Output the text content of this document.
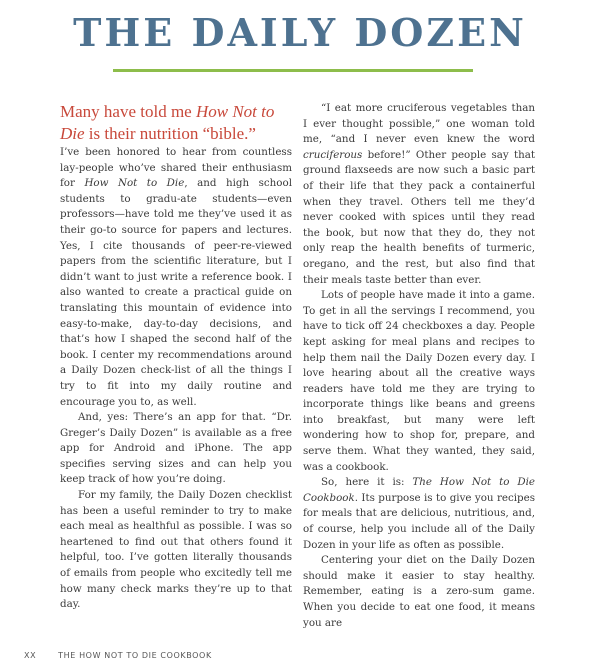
THE DAILY DOZEN

Many have told me How Not to Die is their nutrition “bible.”

I’ve been honored to hear from countless lay-people who’ve shared their enthusiasm for How Not to Die, and high school students to gradu-ate students—even professors—have told me they’ve used it as their go-to source for papers and lectures. Yes, I cite thousands of peer-re-viewed papers from the scientific literature, but I didn’t want to just write a reference book. I also wanted to create a practical guide on translating this mountain of evidence into easy-to-make, day-to-day decisions, and that’s how I shaped the second half of the book. I center my recommendations around a Daily Dozen check-list of all the things I try to fit into my daily routine and encourage you to, as well.

And, yes: There’s an app for that. “Dr. Greger’s Daily Dozen” is available as a free app for Android and iPhone. The app specifies serving sizes and can help you keep track of how you’re doing.

For my family, the Daily Dozen checklist has been a useful reminder to try to make each meal as healthful as possible. I was so heartened to find out that others found it helpful, too. I’ve gotten literally thousands of emails from people who excitedly tell me how many check marks they’re up to that day.

“I eat more cruciferous vegetables than I ever thought possible,” one woman told me, “and I never even knew the word cruciferous before!” Other people say that ground flaxseeds are now such a basic part of their life that they pack a containerful when they travel. Others tell me they’d never cooked with spices until they read the book, but now that they do, they not only reap the health benefits of turmeric, oregano, and the rest, but also find that their meals taste better than ever.

Lots of people have made it into a game. To get in all the servings I recommend, you have to tick off 24 checkboxes a day. People kept asking for meal plans and recipes to help them nail the Daily Dozen every day. I love hearing about all the creative ways readers have told me they are trying to incorporate things like beans and greens into breakfast, but many were left wondering how to shop for, prepare, and serve them. What they wanted, they said, was a cookbook.

So, here it is: The How Not to Die Cookbook. Its purpose is to give you recipes for meals that are delicious, nutritious, and, of course, help you include all of the Daily Dozen in your life as often as possible.

Centering your diet on the Daily Dozen should make it easier to stay healthy. Remember, eating is a zero-sum game. When you decide to eat one food, it means you are

XX	THE HOW NOT TO DIE COOKBOOK
